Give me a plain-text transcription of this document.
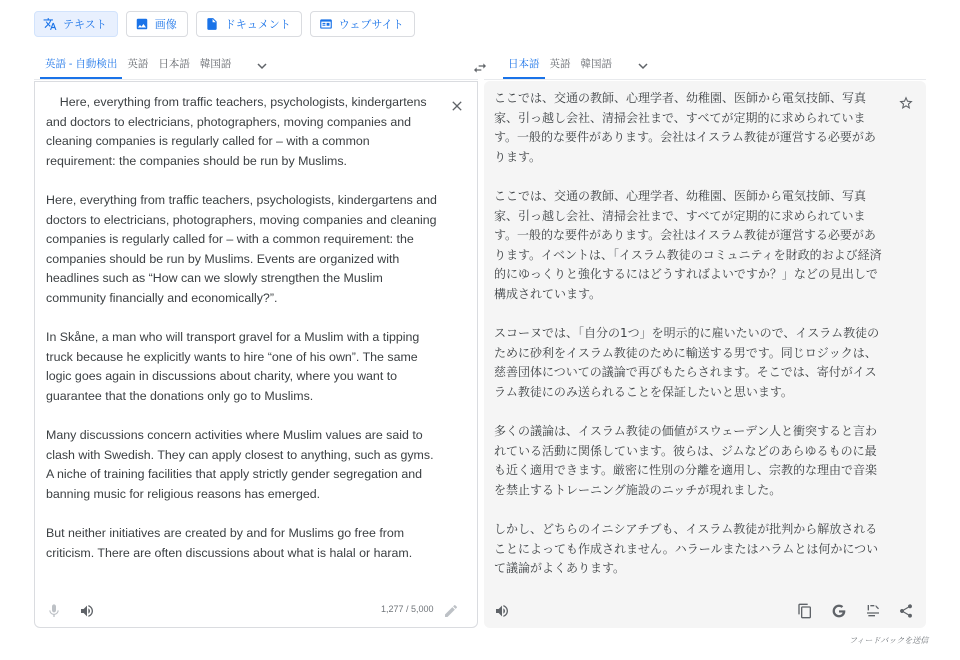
テキスト	画像	ドキュメント	ウェブサイト
英語 - 自動検出 英語 日本語 韓国語	日本語 英語 韓国語
Here, everything from traffic teachers, psychologists, kindergartens and doctors to electricians, photographers, moving companies and cleaning companies is regularly called for – with a common requirement: the companies should be run by Muslims.

Here, everything from traffic teachers, psychologists, kindergartens and doctors to electricians, photographers, moving companies and cleaning companies is regularly called for – with a common requirement: the companies should be run by Muslims. Events are organized with headlines such as “How can we slowly strengthen the Muslim community financially and economically?”.

In Skåne, a man who will transport gravel for a Muslim with a tipping truck because he explicitly wants to hire “one of his own”. The same logic goes again in discussions about charity, where you want to guarantee that the donations only go to Muslims.

Many discussions concern activities where Muslim values are said to clash with Swedish. They can apply closest to anything, such as gyms. A niche of training facilities that apply strictly gender segregation and banning music for religious reasons has emerged.

But neither initiatives are created by and for Muslims go free from criticism. There are often discussions about what is halal or haram.
1,277 / 5,000
ここでは、交通の教師、心理学者、幼稚園、医師から電気技師、写真家、引っ越し会社、清掃会社まで、すべてが定期的に求められています。一般的な要件があります。会社はイスラム教徒が運営する必要があります。

ここでは、交通の教師、心理学者、幼稚園、医師から電気技師、写真家、引っ越し会社、清掃会社まで、すべてが定期的に求められています。一般的な要件があります。会社はイスラム教徒が運営する必要があります。イベントは、「イスラム教徒のコミュニティを財政的および経済的にゆっくりと強化するにはどうすればよいですか？」などの見出しで構成されています。

スコーヌでは、「自分の1つ」を明示的に雇いたいので、イスラム教徒のために砂利をイスラム教徒のために輸送する男です。同じロジックは、慈善団体についての議論で再びもたらされます。そこでは、寄付がイスラム教徒にのみ送られることを保証したいと思います。

多くの議論は、イスラム教徒の価値がスウェーデン人と衝突すると言われている活動に関係しています。彼らは、ジムなどのあらゆるものに最も近く適用できます。厳密に性別の分離を適用し、宗教的な理由で音楽を禁止するトレーニング施設のニッチが現れました。

しかし、どちらのイニシアチブも、イスラム教徒が批判から解放されることによっても作成されません。ハラールまたはハラムとは何かについて議論がよくあります。
フィードバックを送信
